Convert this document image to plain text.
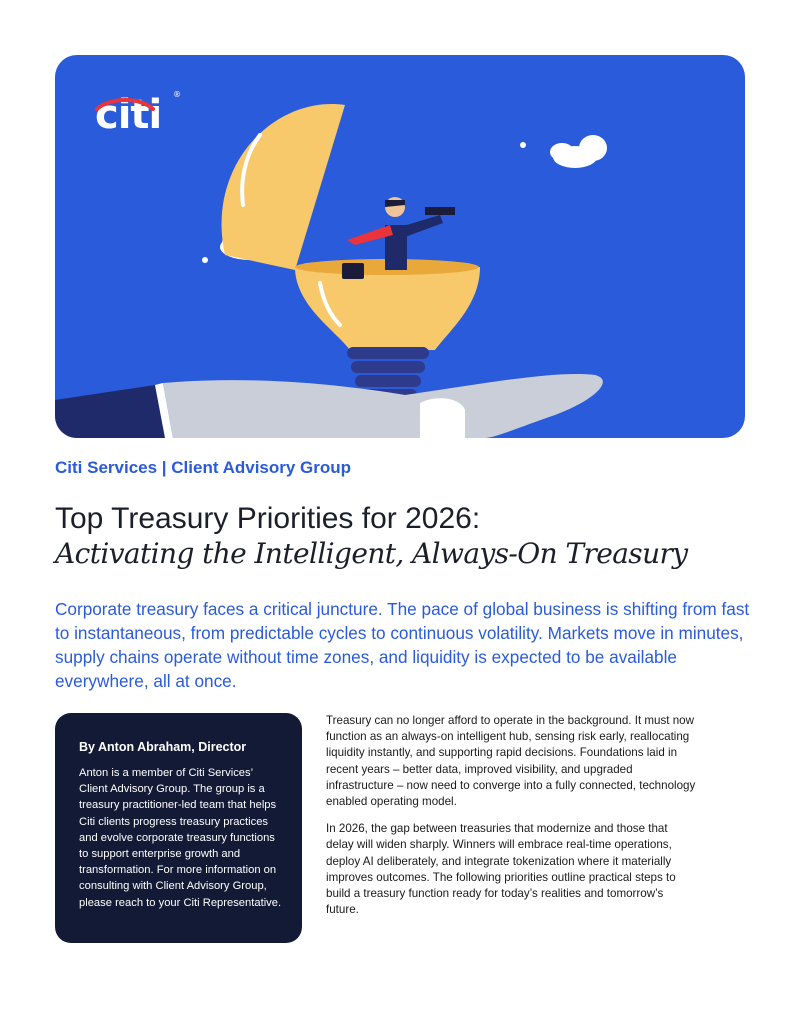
citi ®
Citi Services | Client Advisory Group
Top Treasury Priorities for 2026:
Activating the Intelligent, Always-On Treasury
Corporate treasury faces a critical juncture. The pace of global business is shifting from fast to instantaneous, from predictable cycles to continuous volatility. Markets move in minutes, supply chains operate without time zones, and liquidity is expected to be available everywhere, all at once.

By Anton Abraham, Director

Anton is a member of Citi Services’ Client Advisory Group. The group is a treasury practitioner-led team that helps Citi clients progress treasury practices and evolve corporate treasury functions to support enterprise growth and transformation. For more information on consulting with Client Advisory Group, please reach to your Citi Representative.

Treasury can no longer afford to operate in the background. It must now function as an always-on intelligent hub, sensing risk early, reallocating liquidity instantly, and supporting rapid decisions. Foundations laid in recent years – better data, improved visibility, and upgraded infrastructure – now need to converge into a fully connected, technology enabled operating model.

In 2026, the gap between treasuries that modernize and those that delay will widen sharply. Winners will embrace real-time operations, deploy AI deliberately, and integrate tokenization where it materially improves outcomes. The following priorities outline practical steps to build a treasury function ready for today’s realities and tomorrow’s future.
